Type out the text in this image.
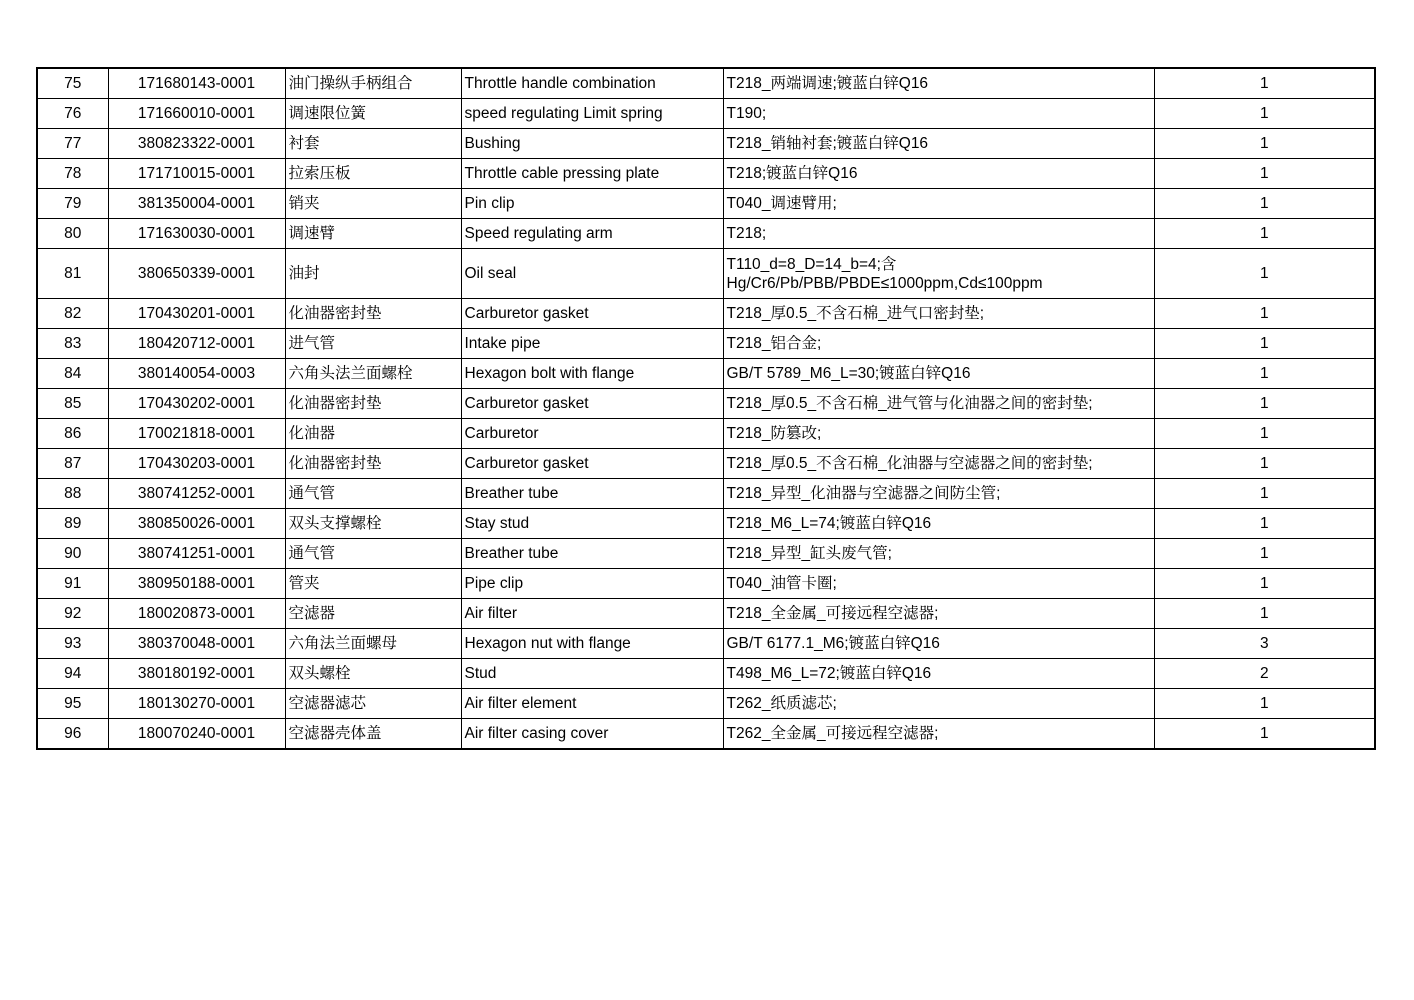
75	171680143-0001	油门操纵手柄组合	Throttle handle combination	T218_两端调速;镀蓝白锌Q16	1
76	171660010-0001	调速限位簧	speed regulating Limit spring	T190;	1
77	380823322-0001	衬套	Bushing	T218_销轴衬套;镀蓝白锌Q16	1
78	171710015-0001	拉索压板	Throttle cable pressing plate	T218;镀蓝白锌Q16	1
79	381350004-0001	销夹	Pin clip	T040_调速臂用;	1
80	171630030-0001	调速臂	Speed regulating arm	T218;	1
81	380650339-0001	油封	Oil seal	T110_d=8_D=14_b=4;含Hg/Cr6/Pb/PBB/PBDE≤1000ppm,Cd≤100ppm	1
82	170430201-0001	化油器密封垫	Carburetor gasket	T218_厚0.5_不含石棉_进气口密封垫;	1
83	180420712-0001	进气管	Intake pipe	T218_铝合金;	1
84	380140054-0003	六角头法兰面螺栓	Hexagon bolt with flange	GB/T 5789_M6_L=30;镀蓝白锌Q16	1
85	170430202-0001	化油器密封垫	Carburetor gasket	T218_厚0.5_不含石棉_进气管与化油器之间的密封垫;	1
86	170021818-0001	化油器	Carburetor	T218_防篡改;	1
87	170430203-0001	化油器密封垫	Carburetor gasket	T218_厚0.5_不含石棉_化油器与空滤器之间的密封垫;	1
88	380741252-0001	通气管	Breather tube	T218_异型_化油器与空滤器之间防尘管;	1
89	380850026-0001	双头支撑螺栓	Stay stud	T218_M6_L=74;镀蓝白锌Q16	1
90	380741251-0001	通气管	Breather tube	T218_异型_缸头废气管;	1
91	380950188-0001	管夹	Pipe clip	T040_油管卡圈;	1
92	180020873-0001	空滤器	Air filter	T218_全金属_可接远程空滤器;	1
93	380370048-0001	六角法兰面螺母	Hexagon nut with flange	GB/T 6177.1_M6;镀蓝白锌Q16	3
94	380180192-0001	双头螺栓	Stud	T498_M6_L=72;镀蓝白锌Q16	2
95	180130270-0001	空滤器滤芯	Air filter element	T262_纸质滤芯;	1
96	180070240-0001	空滤器壳体盖	Air filter casing cover	T262_全金属_可接远程空滤器;	1
